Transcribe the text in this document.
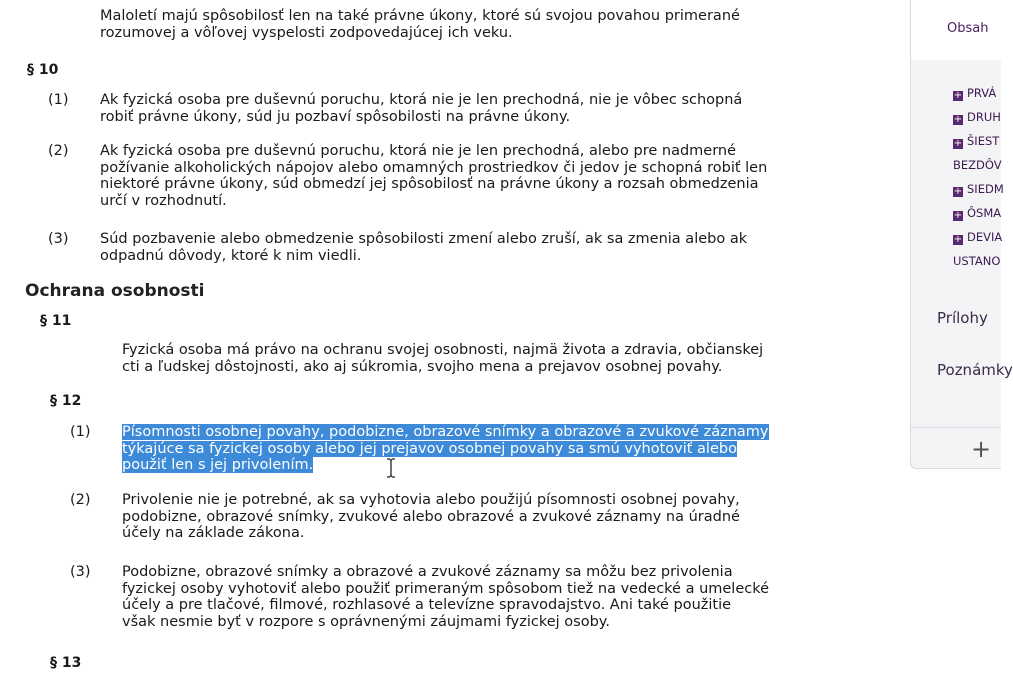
Maloletí majú spôsobilosť len na také právne úkony, ktoré sú svojou povahou primerané
rozumovej a vôľovej vyspelosti zodpovedajúcej ich veku.

§ 10
(1) Ak fyzická osoba pre duševnú poruchu, ktorá nie je len prechodná, nie je vôbec schopná
robiť právne úkony, súd ju pozbaví spôsobilosti na právne úkony.

(2) Ak fyzická osoba pre duševnú poruchu, ktorá nie je len prechodná, alebo pre nadmerné
požívanie alkoholických nápojov alebo omamných prostriedkov či jedov je schopná robiť len
niektoré právne úkony, súd obmedzí jej spôsobilosť na právne úkony a rozsah obmedzenia
určí v rozhodnutí.

(3) Súd pozbavenie alebo obmedzenie spôsobilosti zmení alebo zruší, ak sa zmenia alebo ak
odpadnú dôvody, ktoré k nim viedli.

Ochrana osobnosti
§ 11

Fyzická osoba má právo na ochranu svojej osobnosti, najmä života a zdravia, občianskej
cti a ľudskej dôstojnosti, ako aj súkromia, svojho mena a prejavov osobnej povahy.

§ 12
(1) Písomnosti osobnej povahy, podobizne, obrazové snímky a obrazové a zvukové záznamy
týkajúce sa fyzickej osoby alebo jej prejavov osobnej povahy sa smú vyhotoviť alebo
použiť len s jej privolením.

(2) Privolenie nie je potrebné, ak sa vyhotovia alebo použijú písomnosti osobnej povahy,
podobizne, obrazové snímky, zvukové alebo obrazové a zvukové záznamy na úradné
účely na základe zákona.

(3) Podobizne, obrazové snímky a obrazové a zvukové záznamy sa môžu bez privolenia
fyzickej osoby vyhotoviť alebo použiť primeraným spôsobom tiež na vedecké a umelecké
účely a pre tlačové, filmové, rozhlasové a televízne spravodajstvo. Ani také použitie
však nesmie byť v rozpore s oprávnenými záujmami fyzickej osoby.

§ 13
Obsah
+ PRVÁ
+ DRUH
+ ŠIEST
BEZDÔV
+ SIEDM
+ ÔSMA
+ DEVIA
USTANO
Prílohy
Poznámky
+
